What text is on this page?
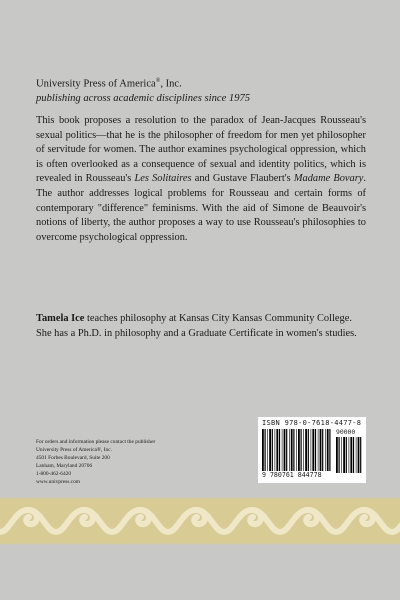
University Press of America®, Inc.
publishing across academic disciplines since 1975

This book proposes a resolution to the paradox of Jean-Jacques Rousseau's sexual politics—that he is the philosopher of freedom for men yet philosopher of servitude for women. The author examines psychological oppression, which is often overlooked as a consequence of sexual and identity politics, which is revealed in Rousseau's Les Solitaires and Gustave Flaubert's Madame Bovary. The author addresses logical problems for Rousseau and certain forms of contemporary "difference" feminisms. With the aid of Simone de Beauvoir's notions of liberty, the author proposes a way to use Rousseau's philosophies to overcome psychological oppression.

Tamela Ice teaches philosophy at Kansas City Kansas Community College. She has a Ph.D. in philosophy and a Graduate Certificate in women's studies.
For orders and information please contact the publisher
University Press of America®, Inc.
4501 Forbes Boulevard, Suite 200
Lanham, Maryland 20706
1-800-462-6420
www.univpress.com
ISBN 978-0-7618-4477-8
90000
9 780761 844778
